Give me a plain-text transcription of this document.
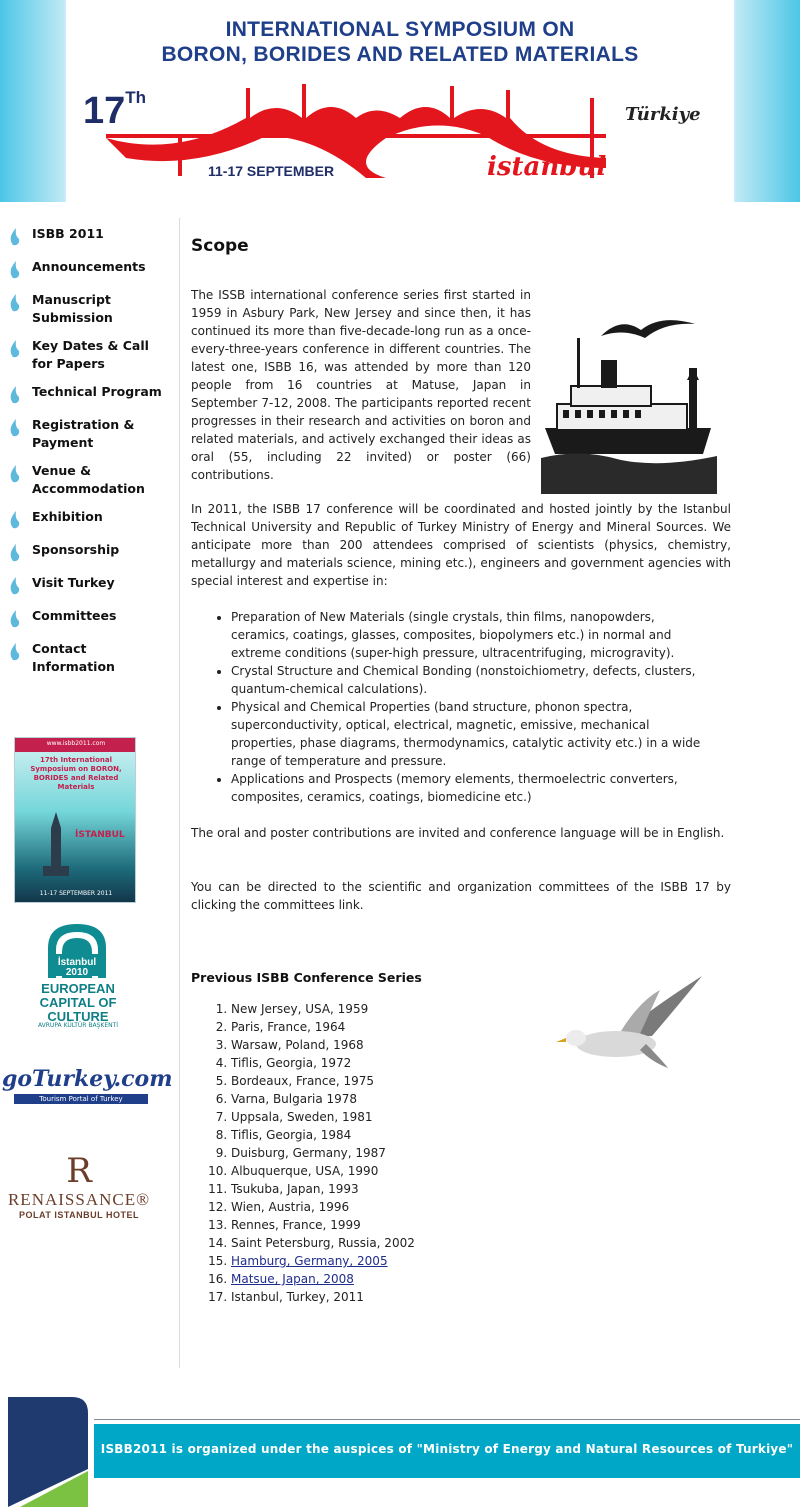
INTERNATIONAL SYMPOSIUM ON
BORON, BORIDES AND RELATED MATERIALS
17Th
11-17 SEPTEMBER	istanbul
Türkiye
ISBB 2011
Announcements
Manuscript Submission
Key Dates & Call for Papers
Technical Program
Registration & Payment
Venue & Accommodation
Exhibition
Sponsorship
Visit Turkey
Committees
Contact Information
www.isbb2011.com
17th International Symposium on BORON, BORIDES and Related Materials
İSTANBUL
11-17 SEPTEMBER 2011
İstanbul
2010
EUROPEAN CAPITAL OF CULTURE
AVRUPA KÜLTÜR BAŞKENTİ
goTurkey.com
Tourism Portal of Turkey
R
RENAISSANCE®
POLAT ISTANBUL HOTEL
Scope

The ISSB international conference series first started in 1959 in Asbury Park, New Jersey and since then, it has continued its more than five-decade-long run as a once-every-three-years conference in different countries. The latest one, ISBB 16, was attended by more than 120 people from 16 countries at Matuse, Japan in September 7-12, 2008. The participants reported recent progresses in their research and activities on boron and related materials, and actively exchanged their ideas as oral (55, including 22 invited) or poster (66) contributions.

In 2011, the ISBB 17 conference will be coordinated and hosted jointly by the Istanbul Technical University and Republic of Turkey Ministry of Energy and Mineral Sources. We anticipate more than 200 attendees comprised of scientists (physics, chemistry, metallurgy and materials science, mining etc.), engineers and government agencies with special interest and expertise in:

• Preparation of New Materials (single crystals, thin films, nanopowders, ceramics, coatings, glasses, composites, biopolymers etc.) in normal and extreme conditions (super-high pressure, ultracentrifuging, microgravity).
• Crystal Structure and Chemical Bonding (nonstoichiometry, defects, clusters, quantum-chemical calculations).
• Physical and Chemical Properties (band structure, phonon spectra, superconductivity, optical, electrical, magnetic, emissive, mechanical properties, phase diagrams, thermodynamics, catalytic activity etc.) in a wide range of temperature and pressure.
• Applications and Prospects (memory elements, thermoelectric converters, composites, ceramics, coatings, biomedicine etc.)

The oral and poster contributions are invited and conference language will be in English.

You can be directed to the scientific and organization committees of the ISBB 17 by clicking the committees link.

Previous ISBB Conference Series
1. New Jersey, USA, 1959
2. Paris, France, 1964
3. Warsaw, Poland, 1968
4. Tiflis, Georgia, 1972
5. Bordeaux, France, 1975
6. Varna, Bulgaria 1978
7. Uppsala, Sweden, 1981
8. Tiflis, Georgia, 1984
9. Duisburg, Germany, 1987
10. Albuquerque, USA, 1990
11. Tsukuba, Japan, 1993
12. Wien, Austria, 1996
13. Rennes, France, 1999
14. Saint Petersburg, Russia, 2002
15. Hamburg, Germany, 2005
16. Matsue, Japan, 2008
17. Istanbul, Turkey, 2011
ISBB2011 is organized under the auspices of "Ministry of Energy and Natural Resources of Turkiye"
